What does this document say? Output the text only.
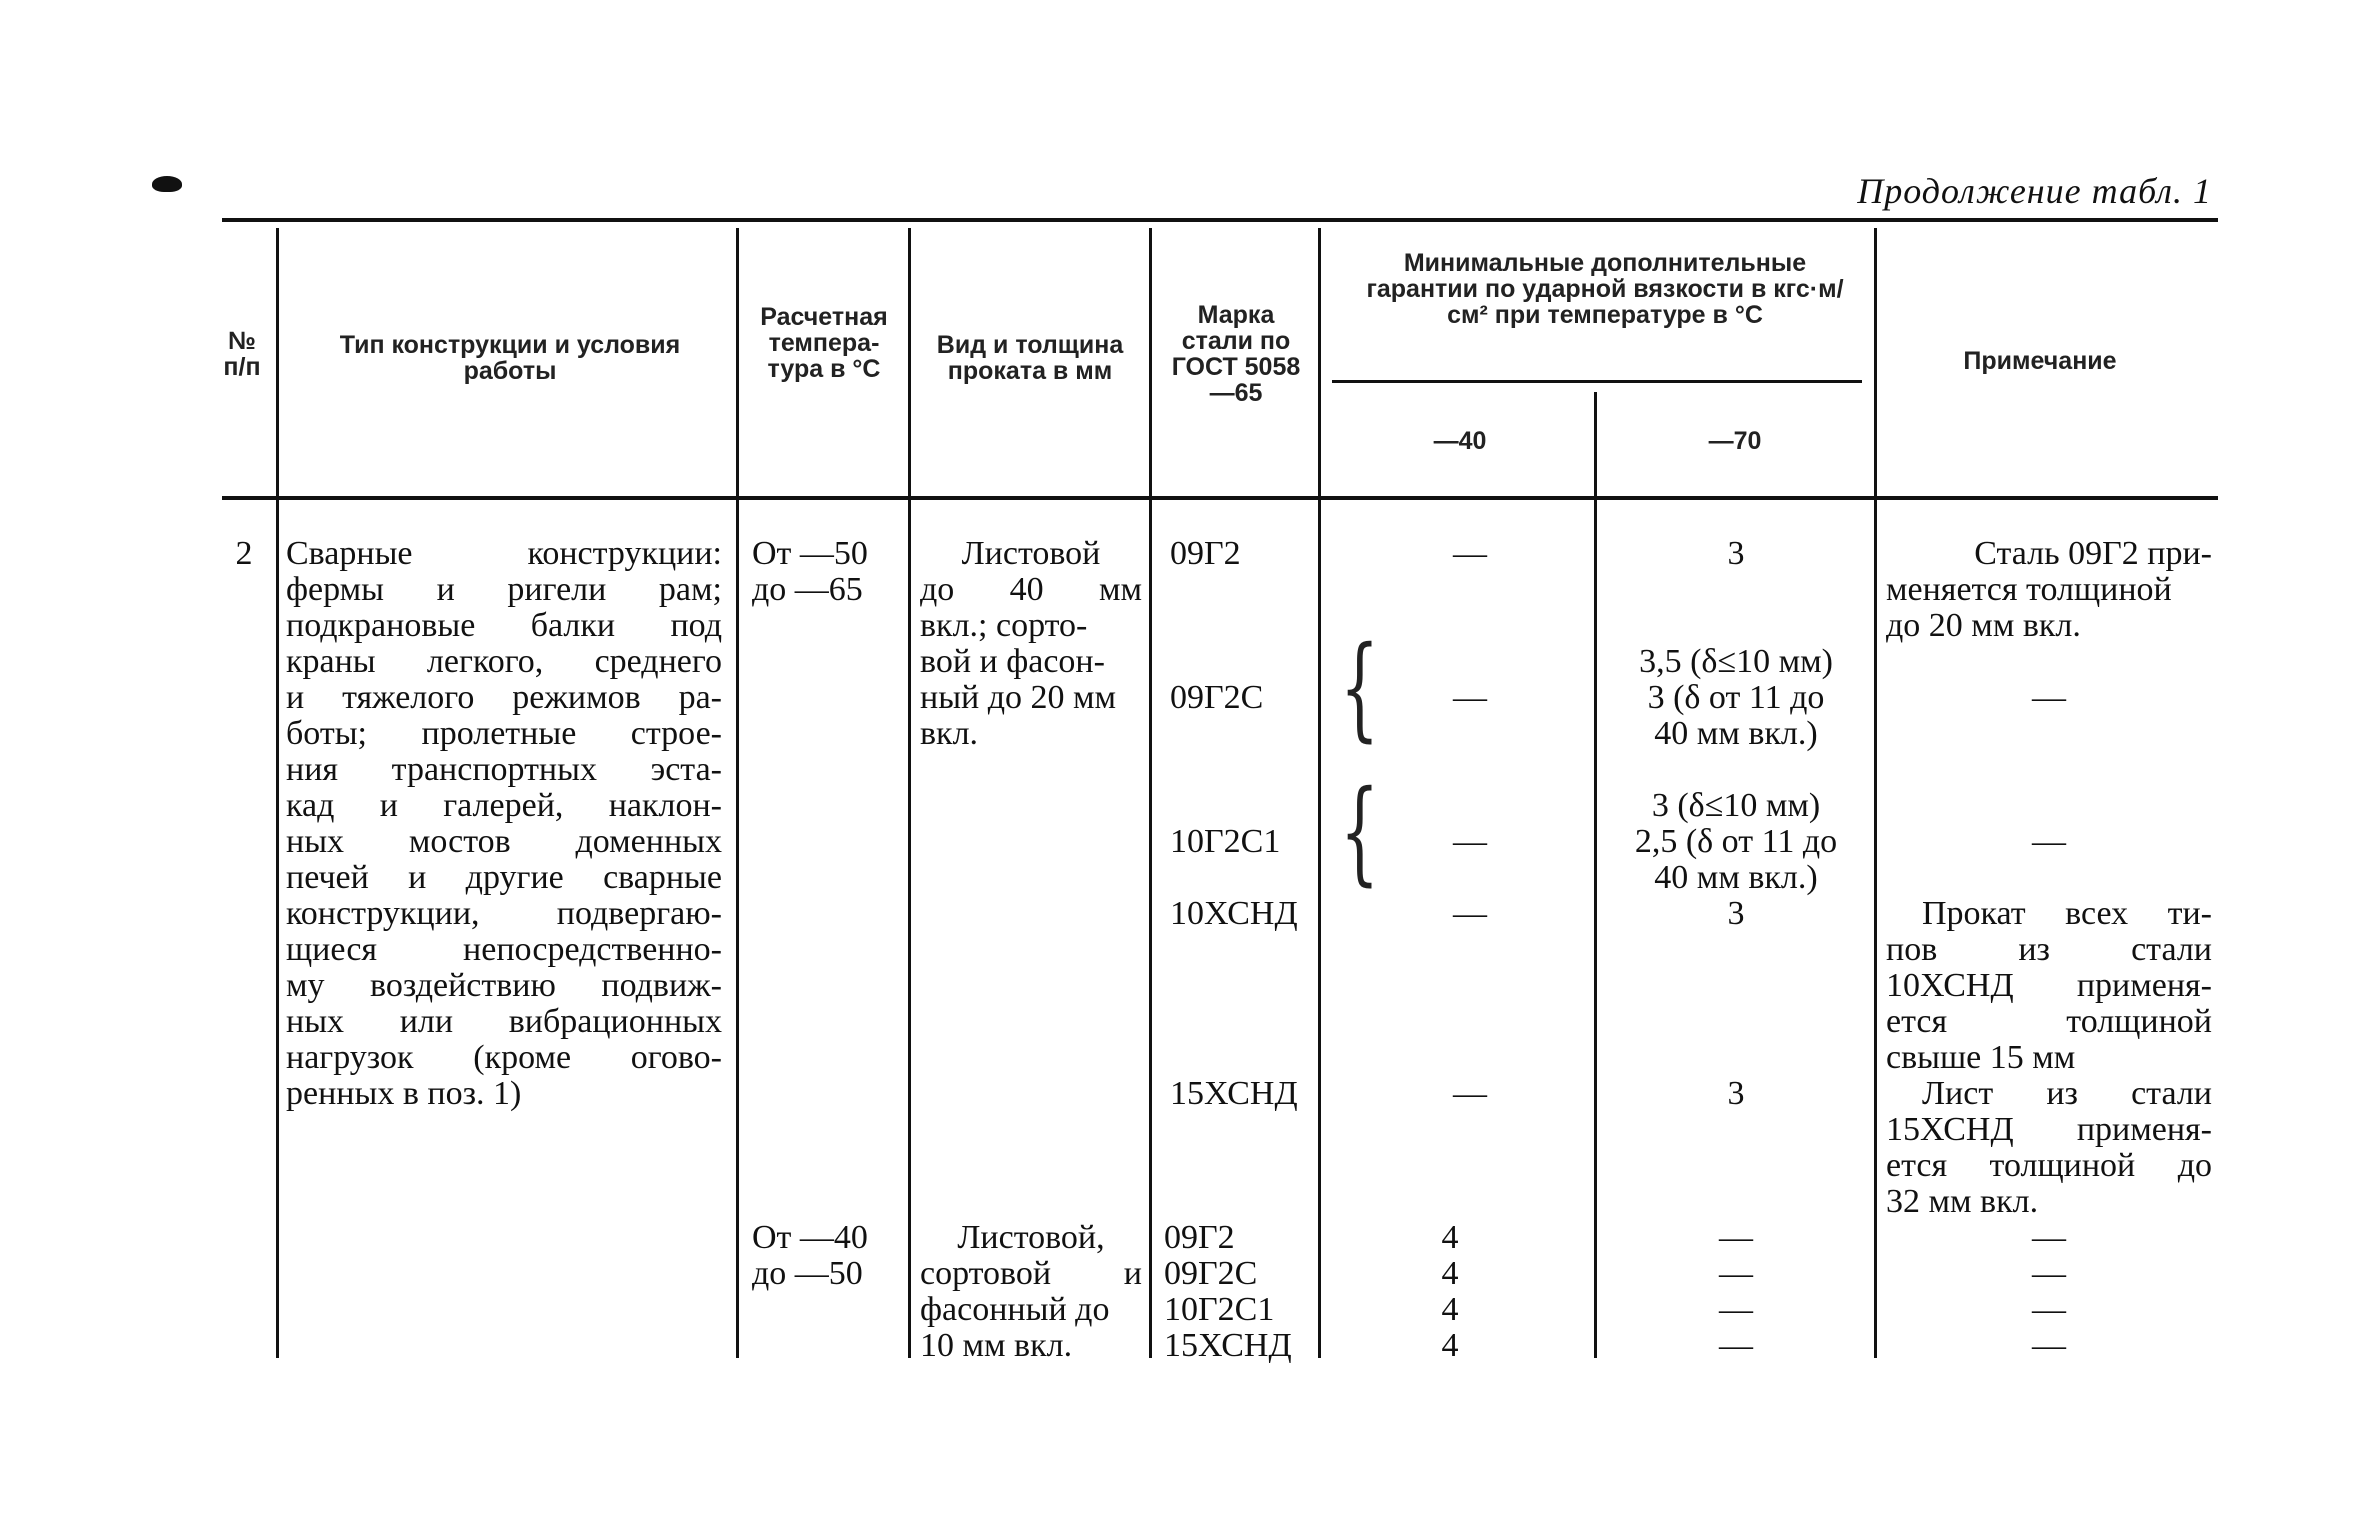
Продолжение табл. 1
№ п/п
Тип конструкции и условия работы
Расчетная темпера-тура в °С
Вид и толщина проката в мм
Марка стали по ГОСТ 5058—65
Минимальные дополнительные гарантии по ударной вязкости в кгс·м/см² при температуре в °С
—40	—70
Примечание
2 Сварные конструкции:
фермы и ригели рам;
подкрановые балки под
краны легкого, среднего
и тяжелого режимов ра-
боты; пролетные строе-
ния транспортных эста-
кад и галерей, наклон-
ных мостов доменных
печей и другие сварные
конструкции, подвергаю-
щиеся непосредственно-
му воздействию подвиж-
ных или вибрационных
нагрузок (кроме огово-
ренных в поз. 1)
От —50
до —65
Листовой
до 40 мм
вкл.; сорто-
вой и фасон-
ный до 20 мм
вкл.
09Г2
09Г2С
10Г2С1
10ХСНД
15ХСНД
—
—
—
—
—
{
{
3
3,5 (δ≤10 мм)
3 (δ от 11 до
40 мм вкл.)
3 (δ≤10 мм)
2,5 (δ от 11 до
40 мм вкл.)
3
3
Сталь 09Г2 при-
меняется толщиной
до 20 мм вкл.
—
—
Прокат всех ти-
пов из стали
10ХСНД применя-
ется толщиной
свыше 15 мм
Лист из стали
15ХСНД применя-
ется толщиной до
32 мм вкл.
От —40
до —50
Листовой,
сортовой и
фасонный до
10 мм вкл.
09Г2
09Г2С
10Г2С1
15ХСНД
4
4
4
4
—
—
—
—
—
—
—
—
